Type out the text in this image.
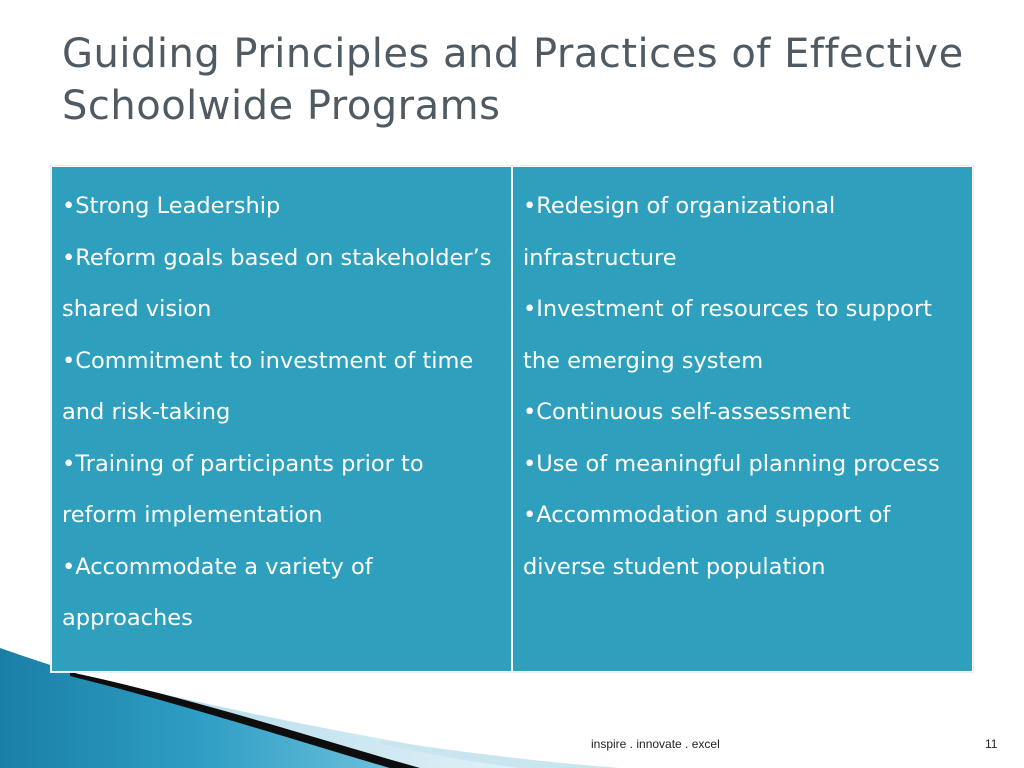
Guiding Principles and Practices of Effective Schoolwide Programs

•Strong Leadership

•Reform goals based on stakeholder’s shared vision

•Commitment to investment of time and risk-taking

•Training of participants prior to reform implementation

•Accommodate a variety of approaches

•Redesign of organizational infrastructure

•Investment of resources to support the emerging system

•Continuous self-assessment

•Use of meaningful planning process

•Accommodation and support of diverse student population

inspire . innovate . excel	11
